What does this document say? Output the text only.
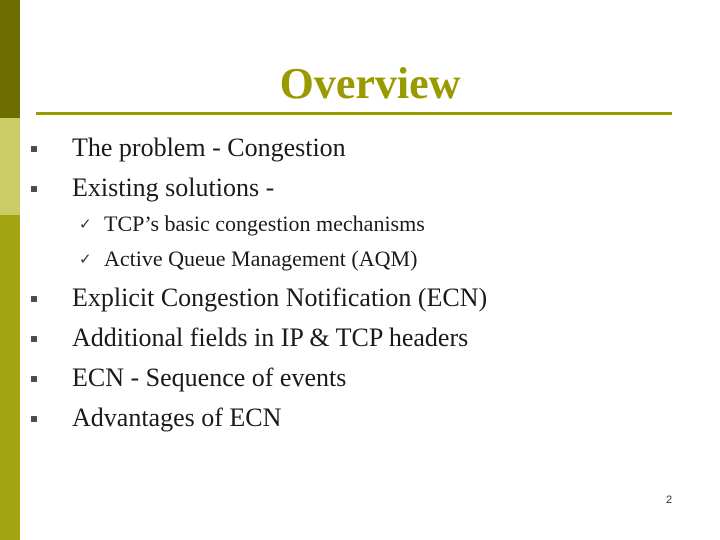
Overview
The problem - Congestion
Existing solutions -
✓ TCP’s basic congestion mechanisms
✓ Active Queue Management (AQM)
Explicit Congestion Notification (ECN)
Additional fields in IP & TCP headers
ECN - Sequence of events
Advantages of ECN
2
